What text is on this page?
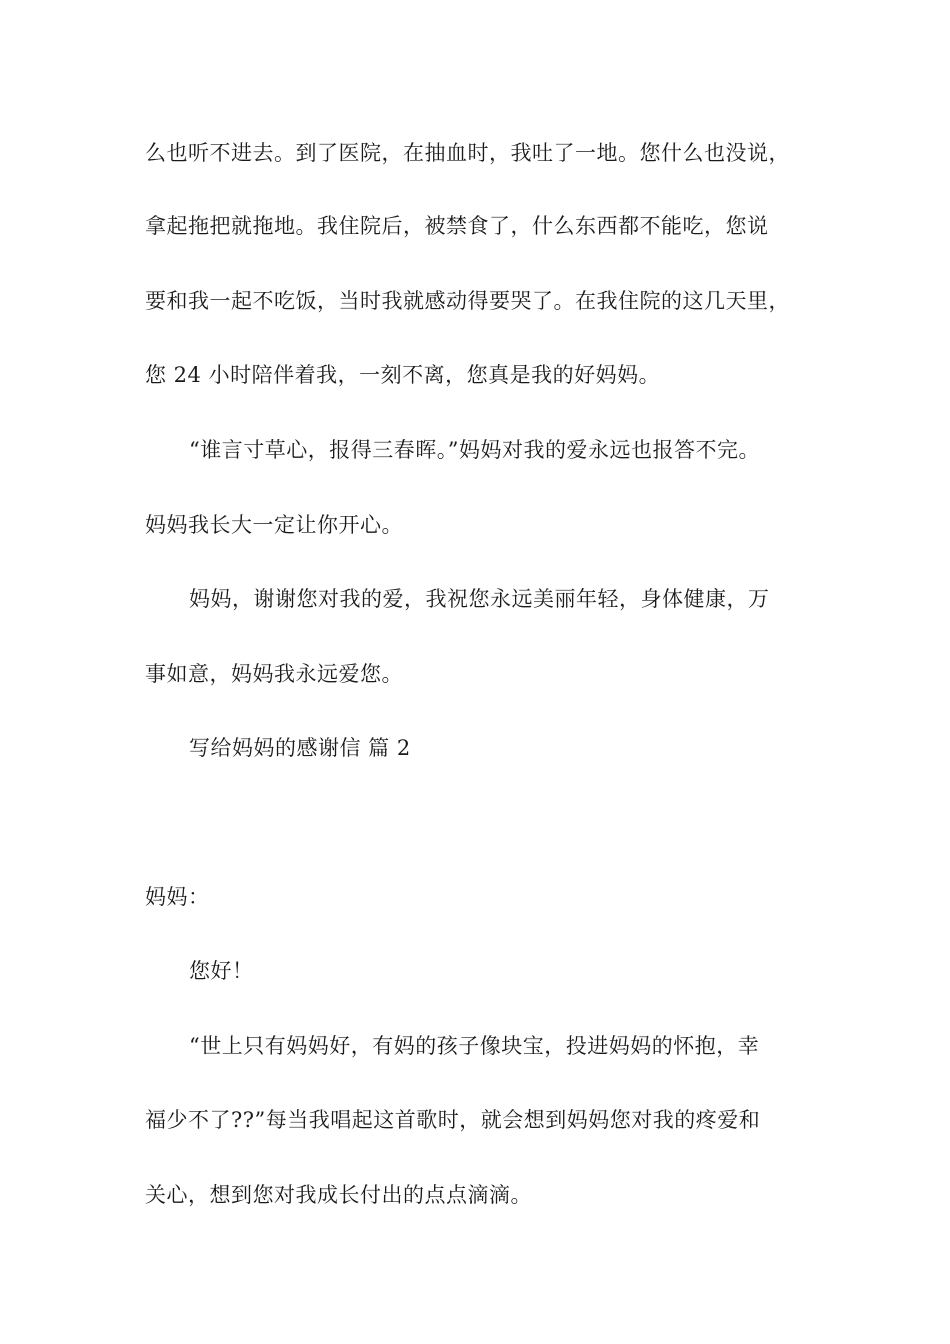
么也听不进去。到了医院，在抽血时，我吐了一地。您什么也没说，
拿起拖把就拖地。我住院后，被禁食了，什么东西都不能吃，您说
要和我一起不吃饭，当时我就感动得要哭了。在我住院的这几天里，
您 24 小时陪伴着我，一刻不离，您真是我的好妈妈。
“谁言寸草心，报得三春晖。”妈妈对我的爱永远也报答不完。
妈妈我长大一定让你开心。
妈妈，谢谢您对我的爱，我祝您永远美丽年轻，身体健康，万
事如意，妈妈我永远爱您。
写给妈妈的感谢信 篇 2
妈妈：
您好！
“世上只有妈妈好，有妈的孩子像块宝，投进妈妈的怀抱，幸
福少不了??”每当我唱起这首歌时，就会想到妈妈您对我的疼爱和
关心，想到您对我成长付出的点点滴滴。
